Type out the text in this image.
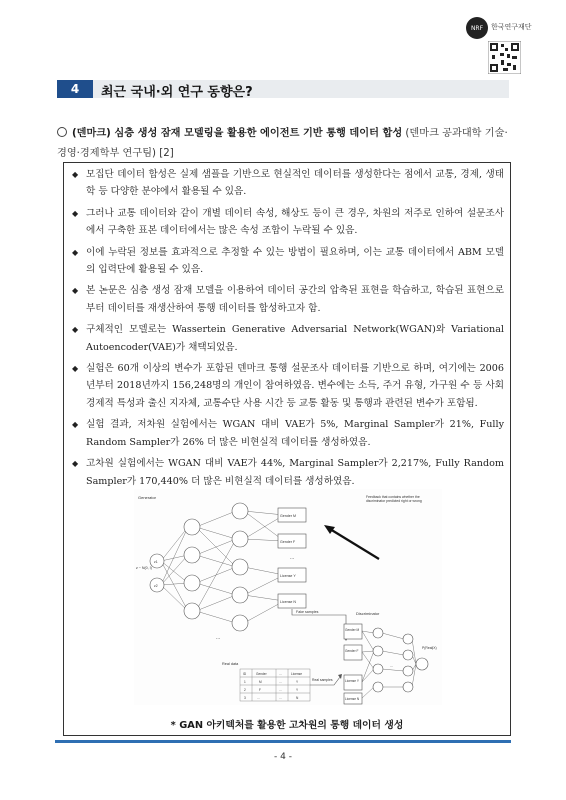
NRF	한국연구재단
4	최근 국내·외 연구 동향은?
(덴마크) 심층 생성 잠재 모델링을 활용한 에이전트 기반 통행 데이터 합성 (덴마크 공과대학 기술·경영·경제학부 연구팀) [2]
◆ 모집단 데이터 합성은 실제 샘플을 기반으로 현실적인 데이터를 생성한다는 점에서 교통, 경제, 생태학 등 다양한 분야에서 활용될 수 있음.
◆ 그러나 교통 데이터와 같이 개별 데이터 속성, 해상도 등이 큰 경우, 차원의 저주로 인하여 설문조사에서 구축한 표본 데이터에서는 많은 속성 조합이 누락될 수 있음.
◆ 이에 누락된 정보를 효과적으로 추정할 수 있는 방법이 필요하며, 이는 교통 데이터에서 ABM 모델의 입력단에 활용될 수 있음.
◆ 본 논문은 심층 생성 잠재 모델을 이용하여 데이터 공간의 압축된 표현을 학습하고, 학습된 표현으로부터 데이터를 재생산하여 통행 데이터를 합성하고자 함.
◆ 구체적인 모델로는 Wassertein Generative Adversarial Network(WGAN)와 Variational Autoencoder(VAE)가 채택되었음.
◆ 실험은 60개 이상의 변수가 포함된 덴마크 통행 설문조사 데이터를 기반으로 하며, 여기에는 2006년부터 2018년까지 156,248명의 개인이 참여하였음. 변수에는 소득, 주거 유형, 가구원 수 등 사회경제적 특성과 출신 지자체, 교통수단 사용 시간 등 교통 활동 및 통행과 관련된 변수가 포함됨.
◆ 실험 결과, 저차원 실험에서는 WGAN 대비 VAE가 5%, Marginal Sampler가 21%, Fully Random Sampler가 26% 더 많은 비현실적 데이터를 생성하였음.
◆ 고차원 실험에서는 WGAN 대비 VAE가 44%, Marginal Sampler가 2,217%, Fully Random Sampler가 170,440% 더 많은 비현실적 데이터를 생성하였음.
Generator
z ~ N(0, I)
z1
z2
...
Gender M
Gender F
License Y
License N
...
Feedback that contains whether the discriminator predicted right or wrong
Fake samples	Discriminator
Gender M
Gender F
License Y
License N
...
P(Real|X)
Real data
ID	Gender	...	License
1	M	...	Y
2	F	...	Y
3	...	...	N
Real samples
* GAN 아키텍처를 활용한 고차원의 통행 데이터 생성
- 4 -
